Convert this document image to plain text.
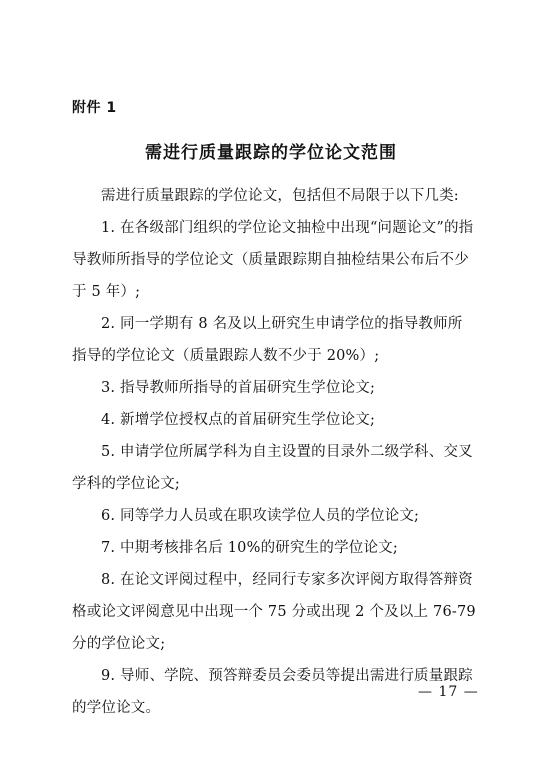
附件 1
需进行质量跟踪的学位论文范围

需进行质量跟踪的学位论文，包括但不局限于以下几类:

1. 在各级部门组织的学位论文抽检中出现“问题论文”的指导教师所指导的学位论文（质量跟踪期自抽检结果公布后不少于 5 年）;

2. 同一学期有 8 名及以上研究生申请学位的指导教师所指导的学位论文（质量跟踪人数不少于 20%）;

3. 指导教师所指导的首届研究生学位论文;

4. 新增学位授权点的首届研究生学位论文;

5. 申请学位所属学科为自主设置的目录外二级学科、交叉学科的学位论文;

6. 同等学力人员或在职攻读学位人员的学位论文;

7. 中期考核排名后 10%的研究生的学位论文;

8. 在论文评阅过程中，经同行专家多次评阅方取得答辩资格或论文评阅意见中出现一个 75 分或出现 2 个及以上 76-79 分的学位论文;

9. 导师、学院、预答辩委员会委员等提出需进行质量跟踪的学位论文。

— 17 —
